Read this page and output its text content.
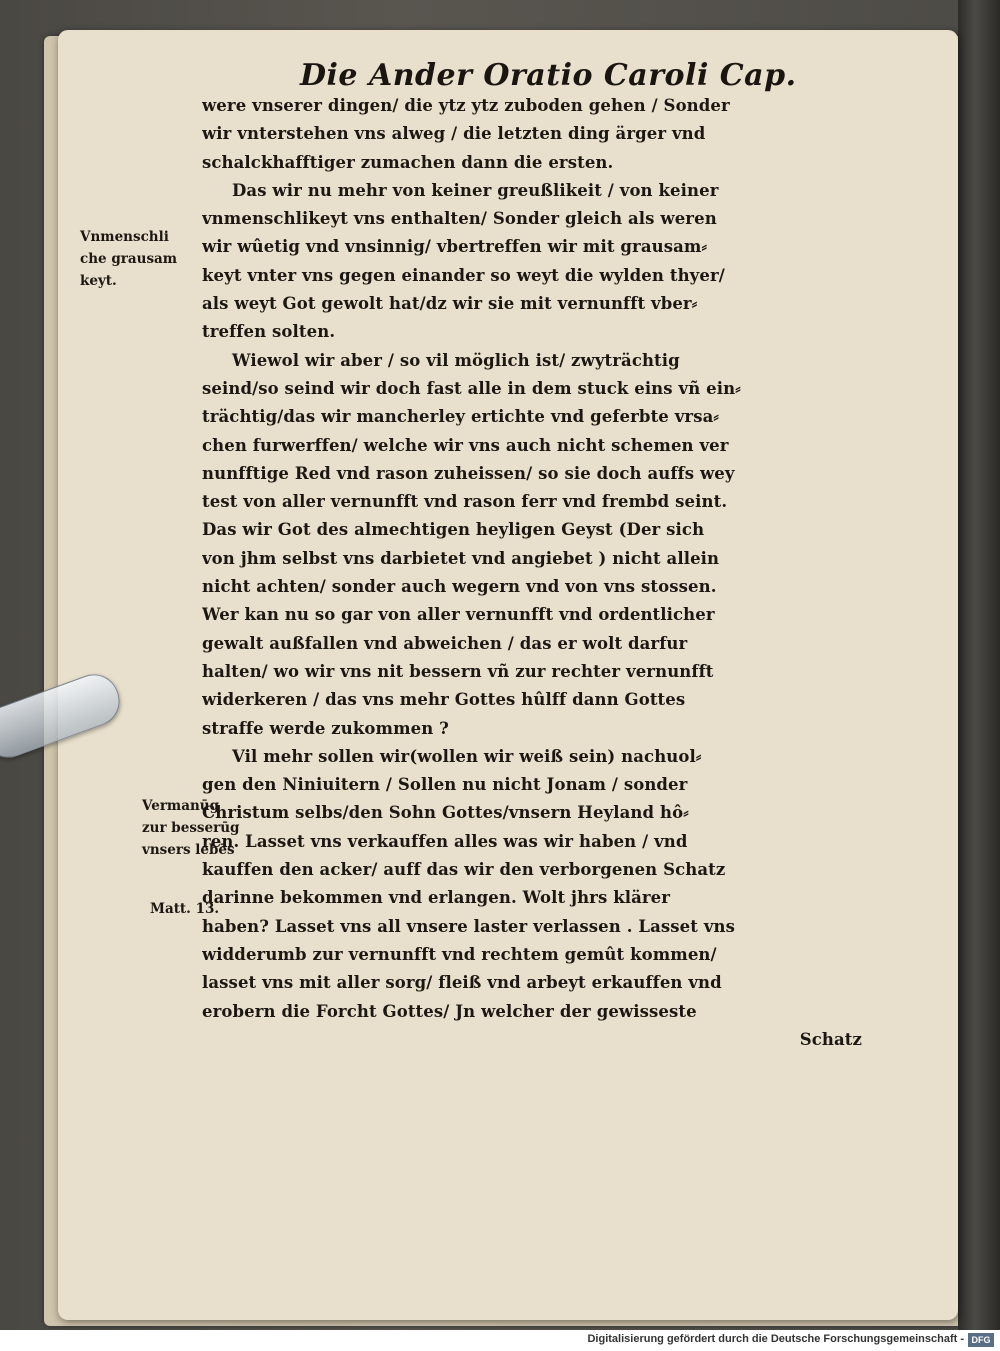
Die Ander Oratio Caroli Cap.
were vnserer dingen/ die ytz ytz zuboden gehen / Sonder
wir vnterstehen vns alweg / die letzten ding ärger vnd
schalckhafftiger zumachen dann die ersten.
Das wir nu mehr von keiner greußlikeit / von keiner
vnmenschlikeyt vns enthalten/ Sonder gleich als weren
wir wûetig vnd vnsinnig/ vbertreffen wir mit grausam⸗
keyt vnter vns gegen einander so weyt die wylden thyer/
als weyt Got gewolt hat/dz wir sie mit vernunfft vber⸗
treffen solten.
Wiewol wir aber / so vil möglich ist/ zwyträchtig
seind/so seind wir doch fast alle in dem stuck eins vñ ein⸗
trächtig/das wir mancherley ertichte vnd geferbte vrsa⸗
chen furwerffen/ welche wir vns auch nicht schemen ver
nunfftige Red vnd rason zuheissen/ so sie doch auffs wey
test von aller vernunfft vnd rason ferr vnd frembd seint.
Das wir Got des almechtigen heyligen Geyst (Der sich
von jhm selbst vns darbietet vnd angiebet ) nicht allein
nicht achten/ sonder auch wegern vnd von vns stossen.
Wer kan nu so gar von aller vernunfft vnd ordentlicher
gewalt außfallen vnd abweichen / das er wolt darfur
halten/ wo wir vns nit bessern vñ zur rechter vernunfft
widerkeren / das vns mehr Gottes hûlff dann Gottes
straffe werde zukommen ?
Vil mehr sollen wir(wollen wir weiß sein) nachuol⸗
gen den Niniuitern / Sollen nu nicht Jonam / sonder
Christum selbs/den Sohn Gottes/vnsern Heyland hô⸗
ren. Lasset vns verkauffen alles was wir haben / vnd
kauffen den acker/ auff das wir den verborgenen Schatz
darinne bekommen vnd erlangen. Wolt jhrs klärer
haben? Lasset vns all vnsere laster verlassen . Lasset vns
widderumb zur vernunfft vnd rechtem gemût kommen/
lasset vns mit aller sorg/ fleiß vnd arbeyt erkauffen vnd
erobern die Forcht Gottes/ Jn welcher der gewisseste
Schatz
Vnmenschli
che grausam
keyt.
Vermanūg
zur besserūg
vnsers lebēs
Matt. 13.
Digitalisierung gefördert durch die Deutsche Forschungsgemeinschaft - DFG
